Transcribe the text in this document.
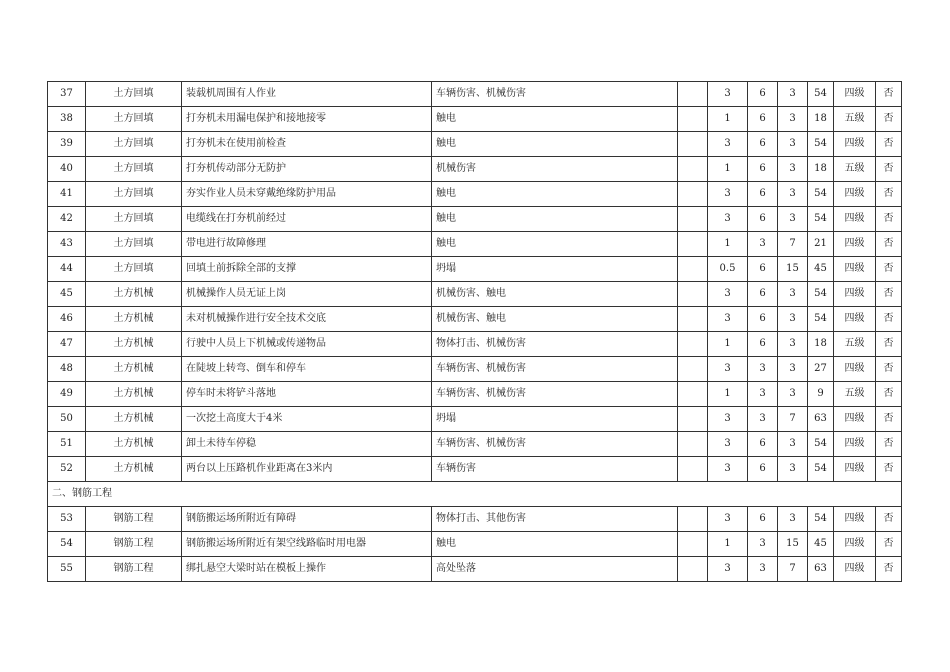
37	土方回填	装载机周围有人作业	车辆伤害、机械伤害		3	6	3	54	四级	否
38	土方回填	打夯机未用漏电保护和接地接零	触电		1	6	3	18	五级	否
39	土方回填	打夯机未在使用前检查	触电		3	6	3	54	四级	否
40	土方回填	打夯机传动部分无防护	机械伤害		1	6	3	18	五级	否
41	土方回填	夯实作业人员未穿戴绝缘防护用品	触电		3	6	3	54	四级	否
42	土方回填	电缆线在打夯机前经过	触电		3	6	3	54	四级	否
43	土方回填	带电进行故障修理	触电		1	3	7	21	四级	否
44	土方回填	回填土前拆除全部的支撑	坍塌		0.5	6	15	45	四级	否
45	土方机械	机械操作人员无证上岗	机械伤害、触电		3	6	3	54	四级	否
46	土方机械	未对机械操作进行安全技术交底	机械伤害、触电		3	6	3	54	四级	否
47	土方机械	行驶中人员上下机械或传递物品	物体打击、机械伤害		1	6	3	18	五级	否
48	土方机械	在陡坡上转弯、倒车和停车	车辆伤害、机械伤害		3	3	3	27	四级	否
49	土方机械	停车时未将铲斗落地	车辆伤害、机械伤害		1	3	3	9	五级	否
50	土方机械	一次挖土高度大于4米	坍塌		3	3	7	63	四级	否
51	土方机械	卸土未待车停稳	车辆伤害、机械伤害		3	6	3	54	四级	否
52	土方机械	两台以上压路机作业距离在3米内	车辆伤害		3	6	3	54	四级	否
二、钢筋工程										
53	钢筋工程	钢筋搬运场所附近有障碍	物体打击、其他伤害		3	6	3	54	四级	否
54	钢筋工程	钢筋搬运场所附近有架空线路临时用电器	触电		1	3	15	45	四级	否
55	钢筋工程	绑扎悬空大梁时站在模板上操作	高处坠落		3	3	7	63	四级	否
